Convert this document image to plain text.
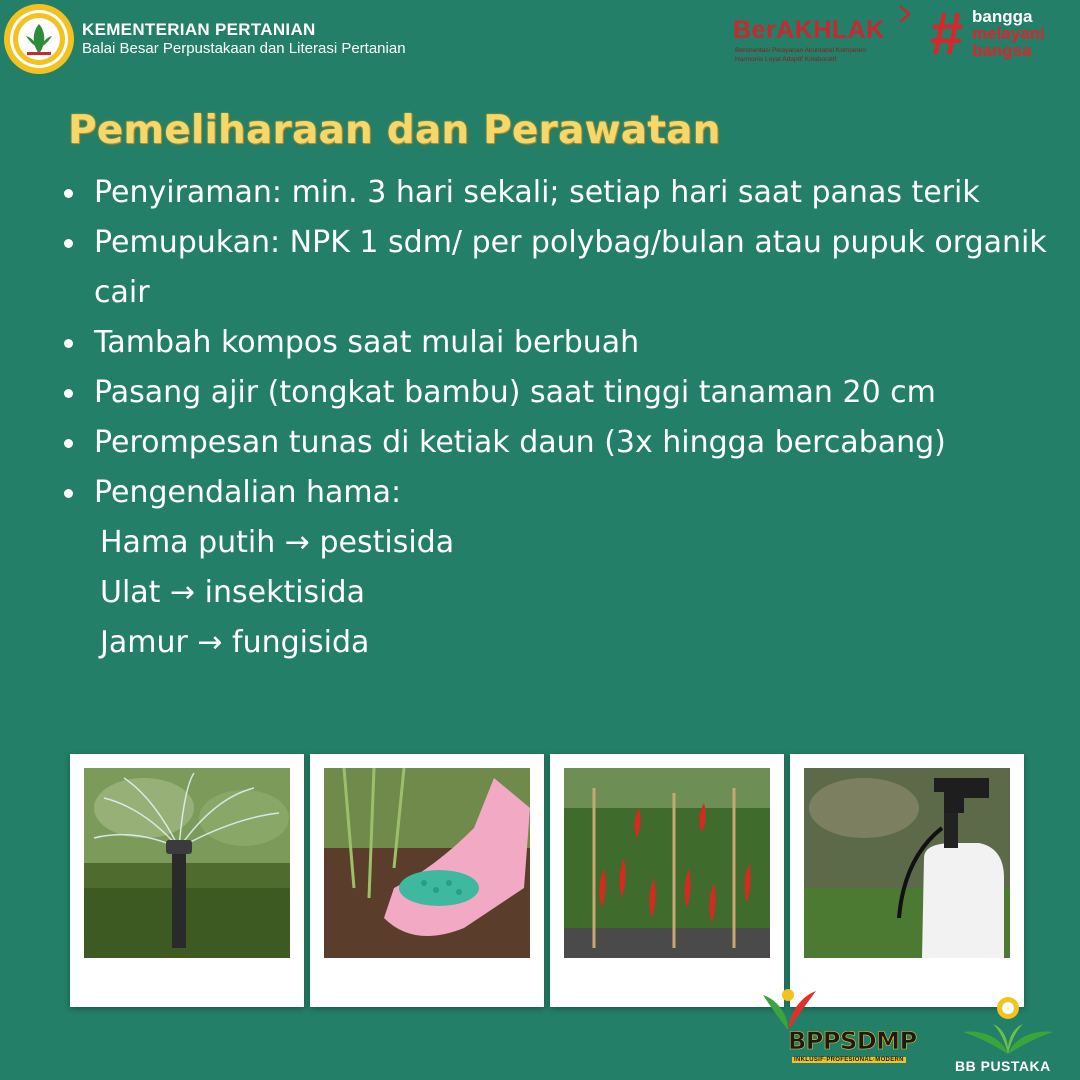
KEMENTERIAN PERTANIAN
Balai Besar Perpustakaan dan Literasi Pertanian
BerAKHLAK
Berorientasi Pelayanan Akuntabel Kompeten
Harmonis Loyal Adaptif Kolaboratif # bangga
melayani
bangsa
Pemeliharaan dan Perawatan
Penyiraman: min. 3 hari sekali; setiap hari saat panas terik
Pemupukan: NPK 1 sdm/ per polybag/bulan atau pupuk organik cair
Tambah kompos saat mulai berbuah
Pasang ajir (tongkat bambu) saat tinggi tanaman 20 cm
Perompesan tunas di ketiak daun (3x hingga bercabang)
Pengendalian hama:
Hama putih → pestisida
Ulat → insektisida
Jamur → fungisida
BPPSDMP
INKLUSIF·PROFESIONAL·MODERN	BB PUSTAKA
